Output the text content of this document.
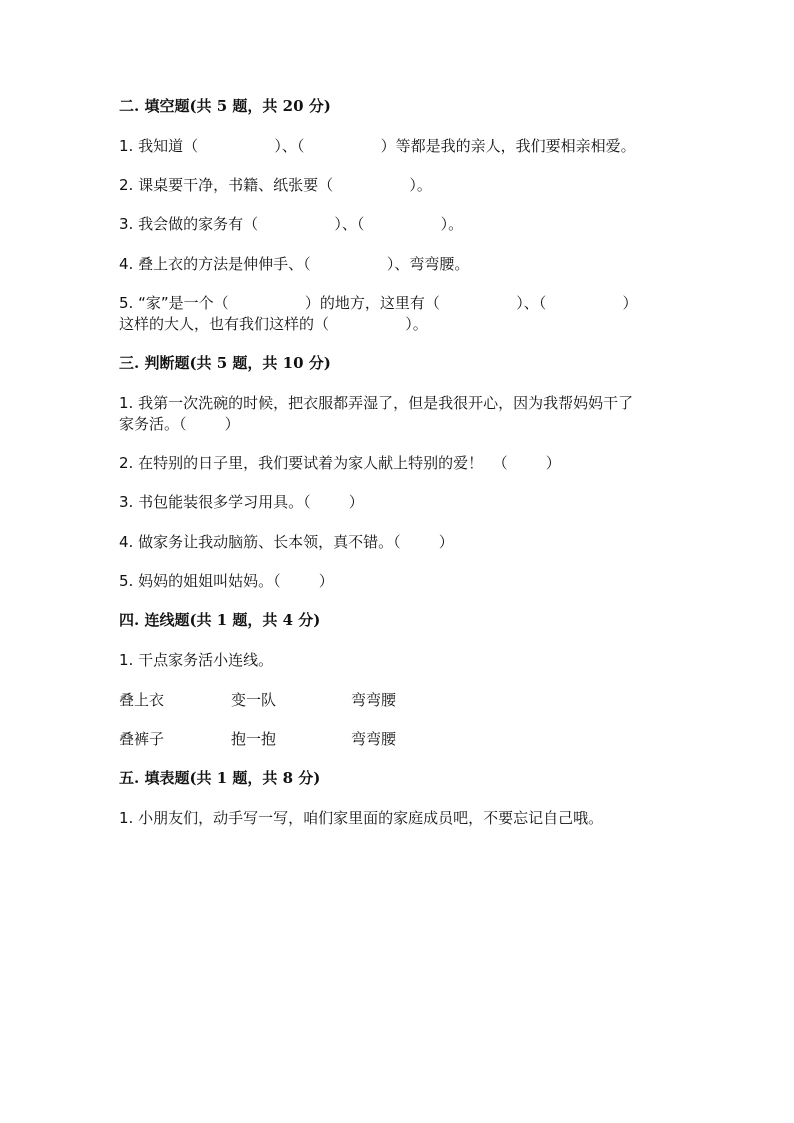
二. 填空题(共 5 题，共 20 分)

1. 我知道（                ）、（                ）等都是我的亲人，我们要相亲相爱。

2. 课桌要干净，书籍、纸张要（                ）。

3. 我会做的家务有（                ）、（                ）。

4. 叠上衣的方法是伸伸手、（                ）、弯弯腰。

5. “家”是一个（                ）的地方，这里有（                ）、（                ）

这样的大人，也有我们这样的（                ）。

三. 判断题(共 5 题，共 10 分)

1. 我第一次洗碗的时候，把衣服都弄湿了，但是我很开心，因为我帮妈妈干了

家务活。（        ）

2. 在特别的日子里，我们要试着为家人献上特别的爱！  （        ）

3. 书包能装很多学习用具。（        ）

4. 做家务让我动脑筋、长本领，真不错。（        ）

5. 妈妈的姐姐叫姑妈。（        ）

四. 连线题(共 1 题，共 4 分)

1. 干点家务活小连线。

叠上衣	变一队	弯弯腰
叠裤子	抱一抱	弯弯腰

五. 填表题(共 1 题，共 8 分)

1. 小朋友们，动手写一写，咱们家里面的家庭成员吧，不要忘记自己哦。
